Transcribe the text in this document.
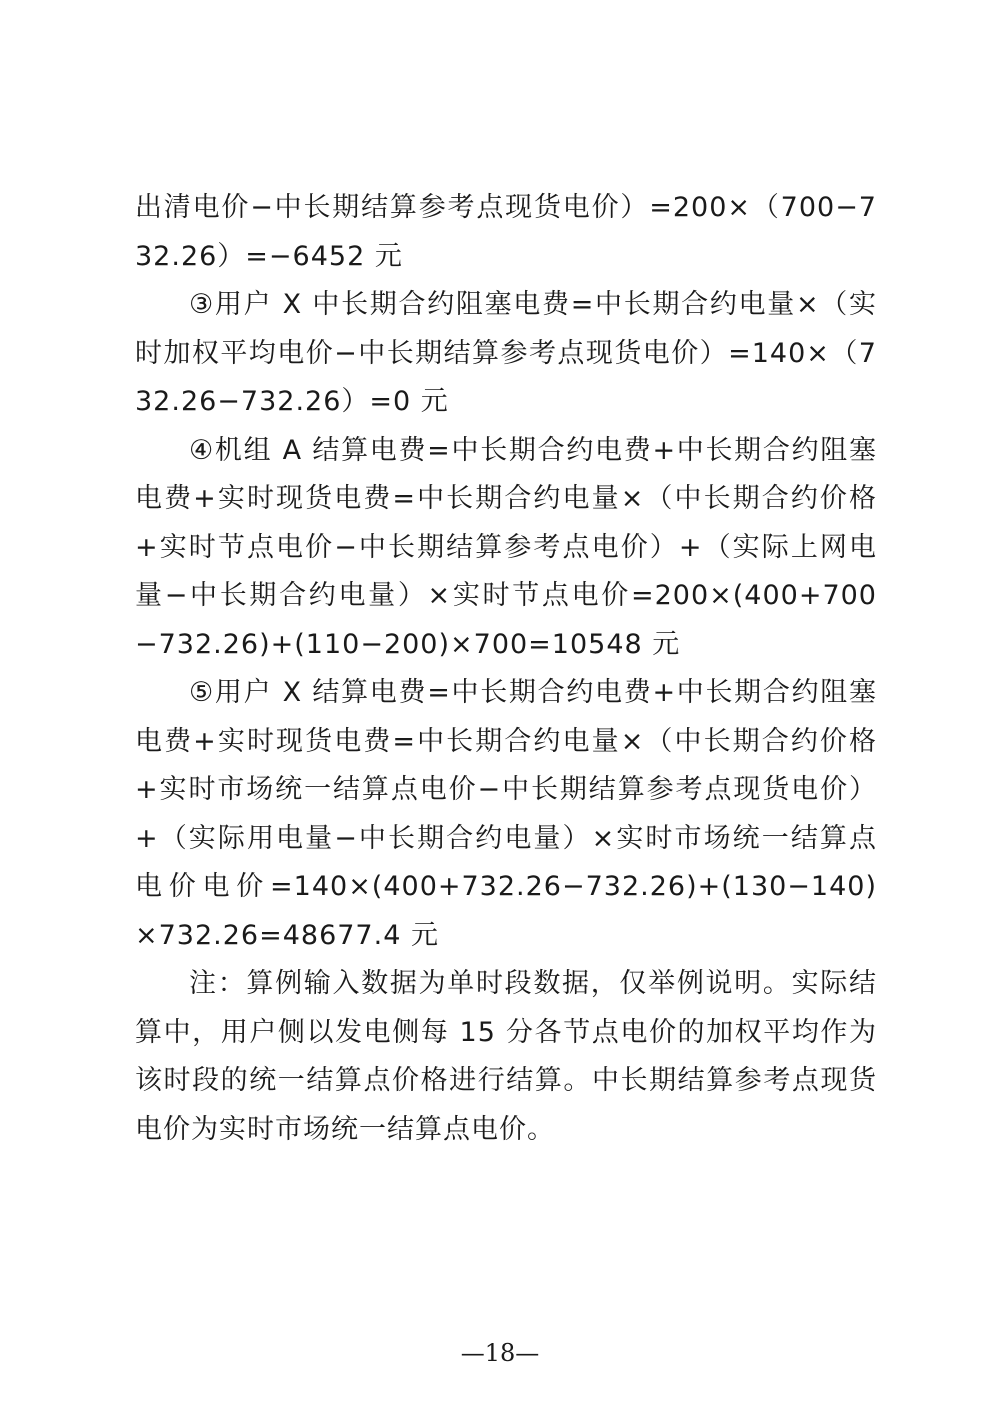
出清电价−中长期结算参考点现货电价）=200×（700−732.26）=−6452 元

③用户 X 中长期合约阻塞电费=中长期合约电量×（实时加权平均电价−中长期结算参考点现货电价）=140×（732.26−732.26）=0 元

④机组 A 结算电费=中长期合约电费+中长期合约阻塞电费+实时现货电费=中长期合约电量×（中长期合约价格+实时节点电价−中长期结算参考点电价）+（实际上网电量−中长期合约电量）×实时节点电价=200×(400+700−732.26)+(110−200)×700=10548 元

⑤用户 X 结算电费=中长期合约电费+中长期合约阻塞电费+实时现货电费=中长期合约电量×（中长期合约价格+实时市场统一结算点电价−中长期结算参考点现货电价）+（实际用电量−中长期合约电量）×实时市场统一结算点电价电价=140×(400+732.26−732.26)+(130−140)×732.26=48677.4 元

注：算例输入数据为单时段数据，仅举例说明。实际结算中，用户侧以发电侧每 15 分各节点电价的加权平均作为该时段的统一结算点价格进行结算。中长期结算参考点现货电价为实时市场统一结算点电价。

—18—
